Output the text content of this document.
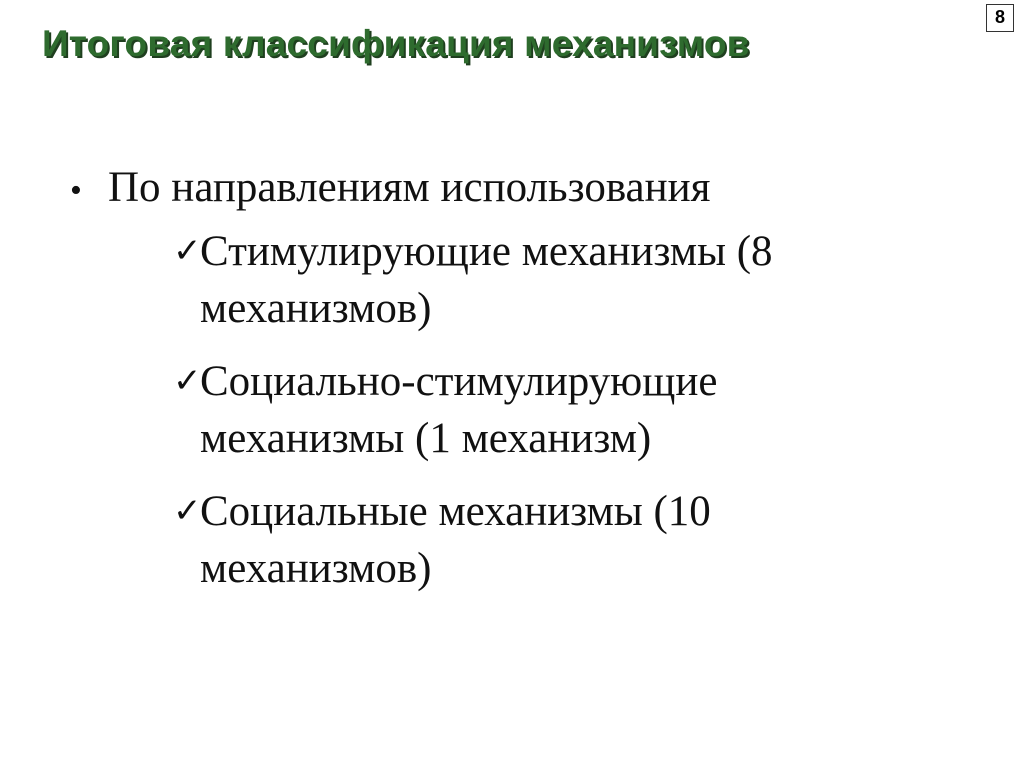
Итоговая классификация механизмов
8
• По направлениям использования
✓
Стимулирующие механизмы (8 механизмов)
✓
Социально-стимулирующие механизмы (1 механизм)
✓
Социальные механизмы (10 механизмов)
